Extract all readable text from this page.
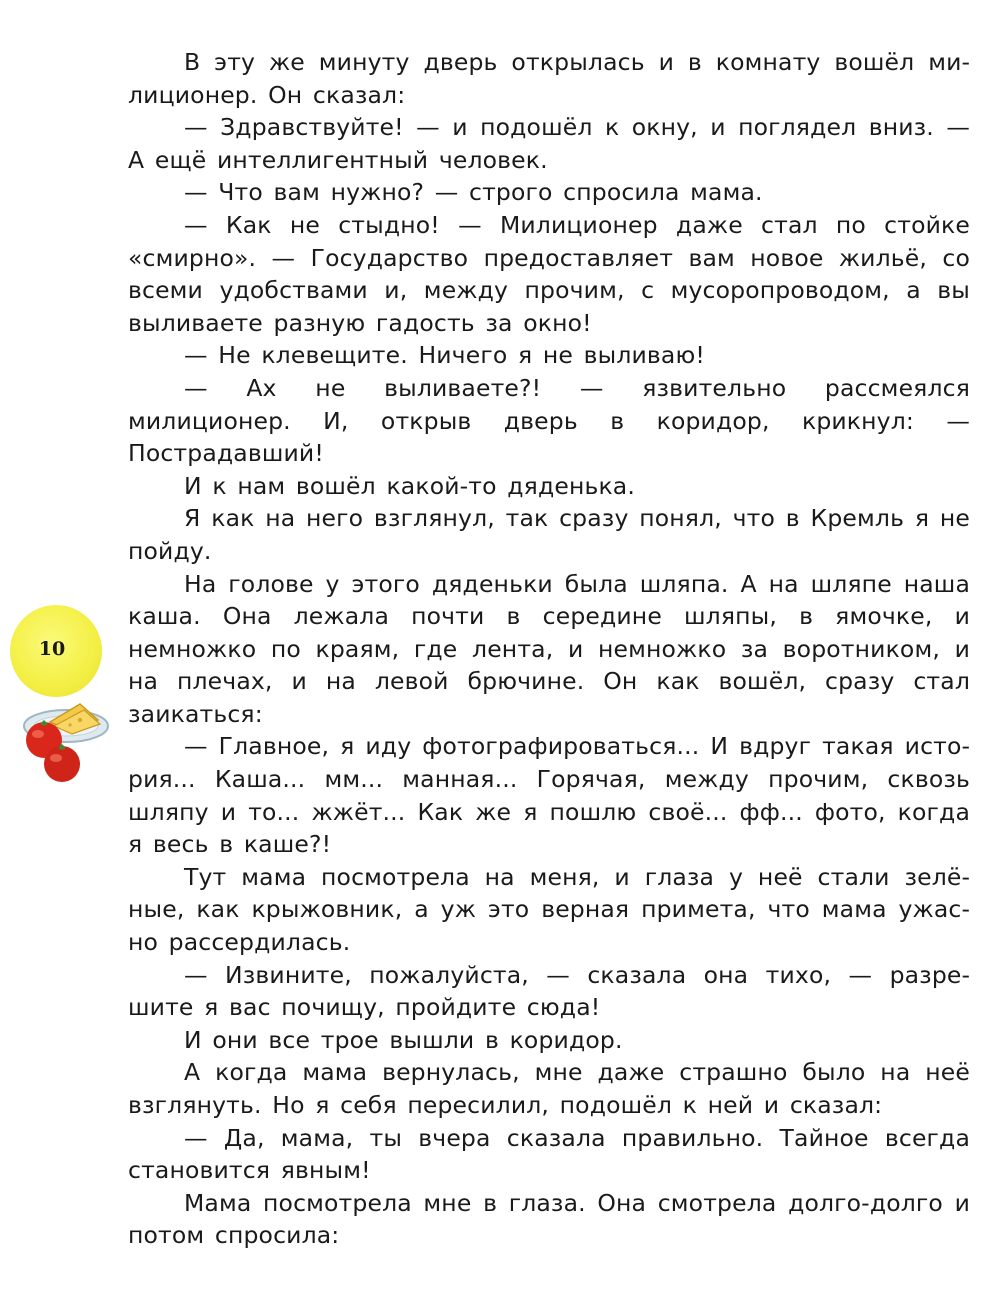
В эту же минуту дверь открылась и в комнату вошёл милиционер. Он сказал:

— Здравствуйте! — и подошёл к окну, и поглядел вниз. — А ещё интеллигентный человек.

— Что вам нужно? — строго спросила мама.

— Как не стыдно! — Милиционер даже стал по стойке «смирно». — Государство предоставляет вам новое жильё, со всеми удобствами и, между прочим, с мусоропроводом, а вы выливаете разную гадость за окно!

— Не клевещите. Ничего я не выливаю!

— Ах не выливаете?! — язвительно рассмеялся милиционер. И, открыв дверь в коридор, крикнул: — Пострадавший!

И к нам вошёл какой-то дяденька.

Я как на него взглянул, так сразу понял, что в Кремль я не пойду.

На голове у этого дяденьки была шляпа. А на шляпе наша каша. Она лежала почти в середине шляпы, в ямочке, и немножко по краям, где лента, и немножко за воротником, и на плечах, и на левой брючине. Он как вошёл, сразу стал заикаться:

— Главное, я иду фотографироваться... И вдруг такая история... Каша... мм... манная... Горячая, между прочим, сквозь шляпу и то... жжёт... Как же я пошлю своё... фф... фото, когда я весь в каше?!

Тут мама посмотрела на меня, и глаза у неё стали зелёные, как крыжовник, а уж это верная примета, что мама ужасно рассердилась.

— Извините, пожалуйста, — сказала она тихо, — разрешите я вас почищу, пройдите сюда!

И они все трое вышли в коридор.

А когда мама вернулась, мне даже страшно было на неё взглянуть. Но я себя пересилил, подошёл к ней и сказал:

— Да, мама, ты вчера сказала правильно. Тайное всегда становится явным!

Мама посмотрела мне в глаза. Она смотрела долго-долго и потом спросила:

10
